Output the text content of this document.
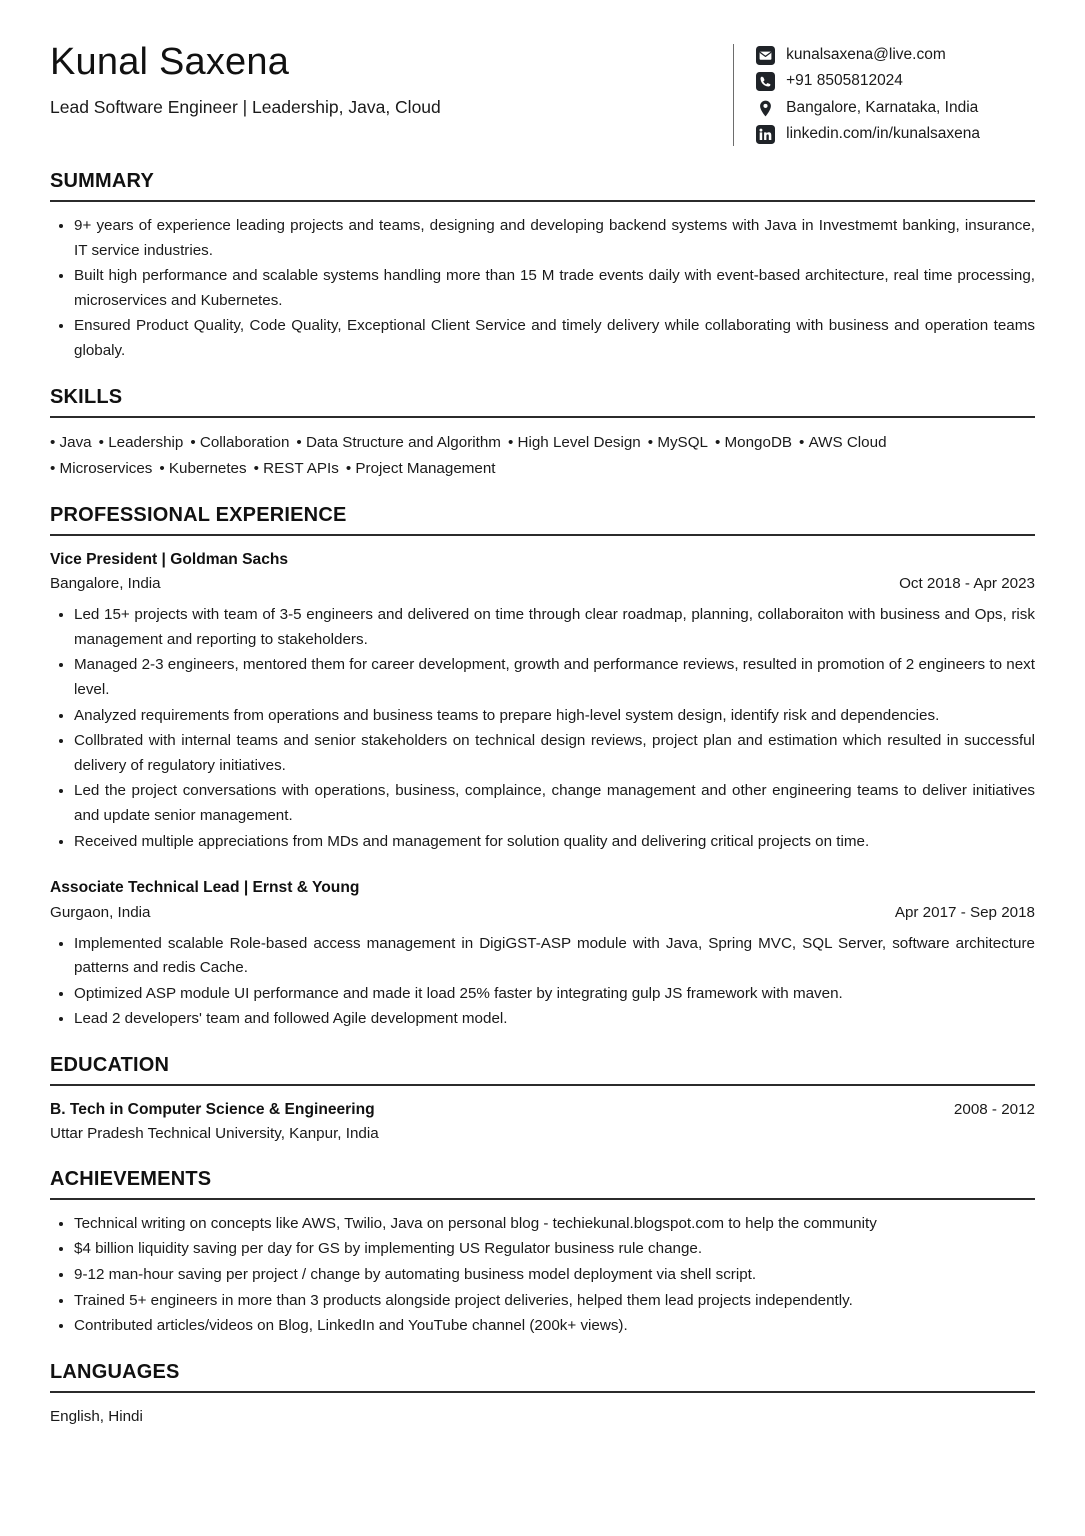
Kunal Saxena
Lead Software Engineer | Leadership, Java, Cloud
kunalsaxena@live.com
+91 8505812024
Bangalore, Karnataka, India
linkedin.com/in/kunalsaxena
SUMMARY
9+ years of experience leading projects and teams, designing and developing backend systems with Java in Investmemt banking, insurance, IT service industries.
Built high performance and scalable systems handling more than 15 M trade events daily with event-based architecture, real time processing, microservices and Kubernetes.
Ensured Product Quality, Code Quality, Exceptional Client Service and timely delivery while collaborating with business and operation teams globaly.
SKILLS
• Java • Leadership • Collaboration • Data Structure and Algorithm • High Level Design • MySQL • MongoDB • AWS Cloud
• Microservices • Kubernetes • REST APIs • Project Management
PROFESSIONAL EXPERIENCE
Vice President | Goldman Sachs
Bangalore, India	Oct 2018 - Apr 2023
Led 15+ projects with team of 3-5 engineers and delivered on time through clear roadmap, planning, collaboraiton with business and Ops, risk management and reporting to stakeholders.
Managed 2-3 engineers, mentored them for career development, growth and performance reviews, resulted in promotion of 2 engineers to next level.
Analyzed requirements from operations and business teams to prepare high-level system design, identify risk and dependencies.
Collbrated with internal teams and senior stakeholders on technical design reviews, project plan and estimation which resulted in successful delivery of regulatory initiatives.
Led the project conversations with operations, business, complaince, change management and other engineering teams to deliver initiatives and update senior management.
Received multiple appreciations from MDs and management for solution quality and delivering critical projects on time.
Associate Technical Lead | Ernst & Young
Gurgaon, India	Apr 2017 - Sep 2018
Implemented scalable Role-based access management in DigiGST-ASP module with Java, Spring MVC, SQL Server, software architecture patterns and redis Cache.
Optimized ASP module UI performance and made it load 25% faster by integrating gulp JS framework with maven.
Lead 2 developers' team and followed Agile development model.
EDUCATION
B. Tech in Computer Science & Engineering	2008 - 2012
Uttar Pradesh Technical University, Kanpur, India
ACHIEVEMENTS
Technical writing on concepts like AWS, Twilio, Java on personal blog - techiekunal.blogspot.com to help the community
$4 billion liquidity saving per day for GS by implementing US Regulator business rule change.
9-12 man-hour saving per project / change by automating business model deployment via shell script.
Trained 5+ engineers in more than 3 products alongside project deliveries, helped them lead projects independently.
Contributed articles/videos on Blog, LinkedIn and YouTube channel (200k+ views).
LANGUAGES
English, Hindi
